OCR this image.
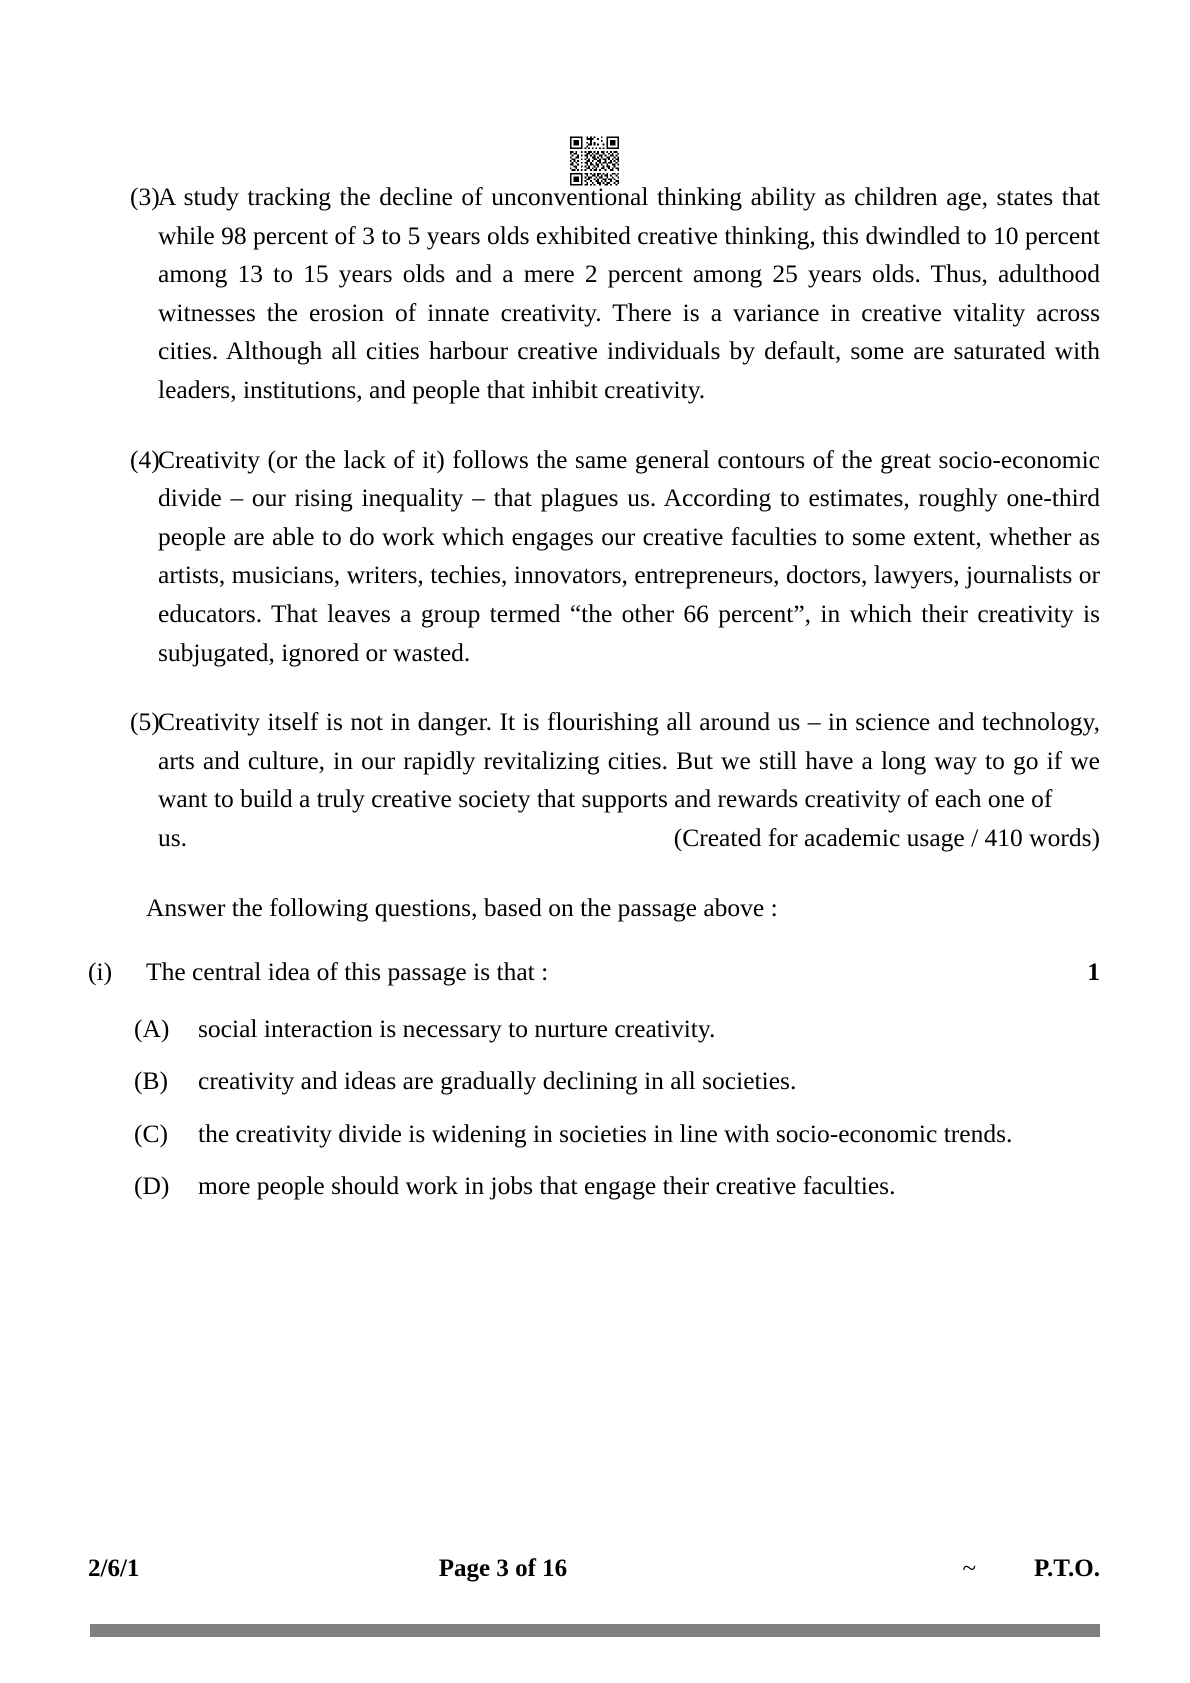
(3)
A study tracking the decline of unconventional thinking ability as children age, states that while 98 percent of 3 to 5 years olds exhibited creative thinking, this dwindled to 10 percent among 13 to 15 years olds and a mere 2 percent among 25 years olds. Thus, adulthood witnesses the erosion of innate creativity. There is a variance in creative vitality across cities. Although all cities harbour creative individuals by default, some are saturated with leaders, institutions, and people that inhibit creativity.
(4)
Creativity (or the lack of it) follows the same general contours of the great socio-economic divide – our rising inequality – that plagues us. According to estimates, roughly one-third people are able to do work which engages our creative faculties to some extent, whether as artists, musicians, writers, techies, innovators, entrepreneurs, doctors, lawyers, journalists or educators. That leaves a group termed “the other 66 percent”, in which their creativity is subjugated, ignored or wasted.
(5)
Creativity itself is not in danger. It is flourishing all around us – in science and technology, arts and culture, in our rapidly revitalizing cities. But we still have a long way to go if we want to build a truly creative society that supports and rewards creativity of each one of
us.	(Created for academic usage / 410 words)
Answer the following questions, based on the passage above :
(i)	The central idea of this passage is that :	1
(A)	social interaction is necessary to nurture creativity.
(B)	creativity and ideas are gradually declining in all societies.
(C)	the creativity divide is widening in societies in line with socio-economic trends.
(D)	more people should work in jobs that engage their creative faculties.
2/6/1	Page 3 of 16	~	P.T.O.
